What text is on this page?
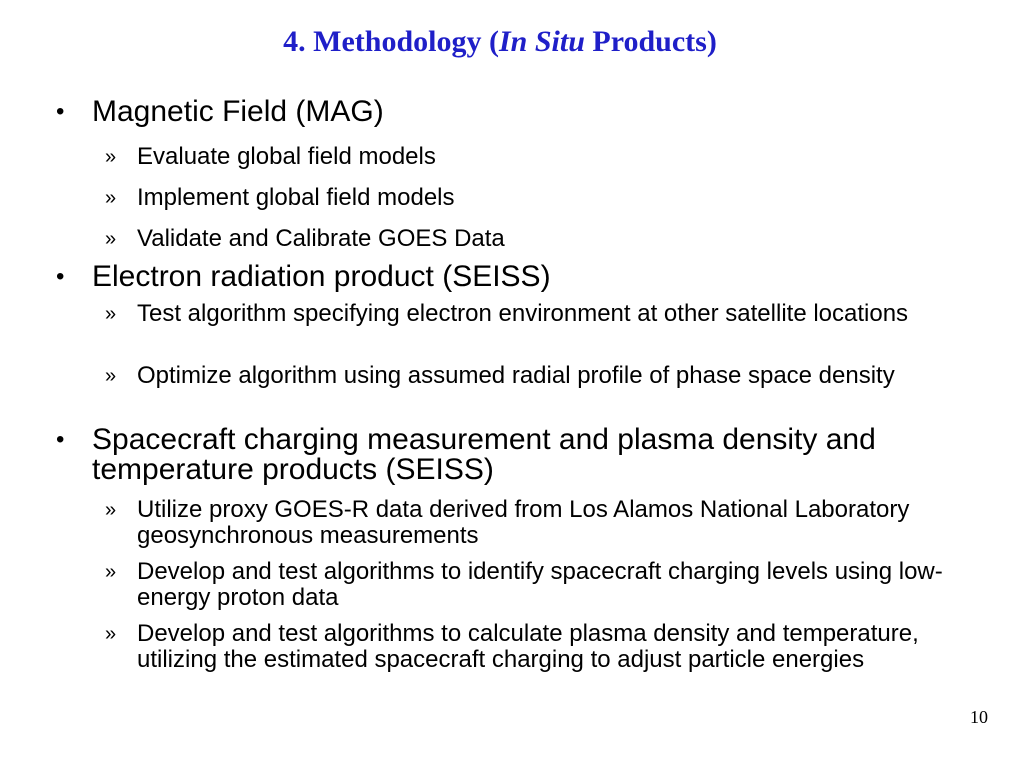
4. Methodology (In Situ Products)
• Magnetic Field (MAG)
» Evaluate global field models
» Implement global field models
» Validate and Calibrate GOES Data
• Electron radiation product (SEISS)
» Test algorithm specifying electron environment at other satellite locations
» Optimize algorithm using assumed radial profile of phase space density
• Spacecraft charging measurement and plasma density and temperature products (SEISS)
» Utilize proxy GOES-R data derived from Los Alamos National Laboratory geosynchronous measurements
» Develop and test algorithms to identify spacecraft charging levels using low-energy proton data
» Develop and test algorithms to calculate plasma density and temperature, utilizing the estimated spacecraft charging to adjust particle energies
10
